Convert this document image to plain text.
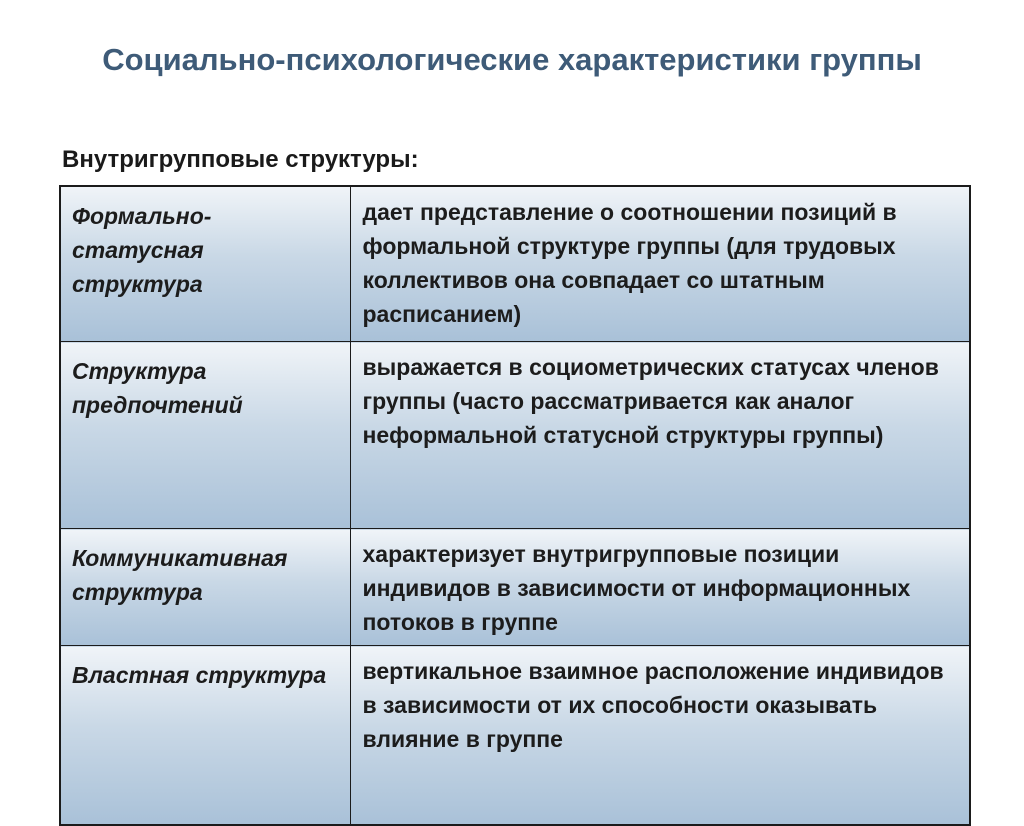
Социально-психологические характеристики группы

Внутригрупповые структуры:

Формально-статусная структура	дает представление о соотношении позиций в формальной структуре группы (для трудовых коллективов она совпадает со штатным расписанием)
Структура предпочтений	выражается в социометрических статусах членов группы (часто рассматривается как аналог неформальной статусной структуры группы)
Коммуникативная структура	характеризует внутригрупповые позиции индивидов в зависимости от информационных потоков в группе
Властная структура	вертикальное взаимное расположение индивидов в зависимости от их способности оказывать влияние в группе
